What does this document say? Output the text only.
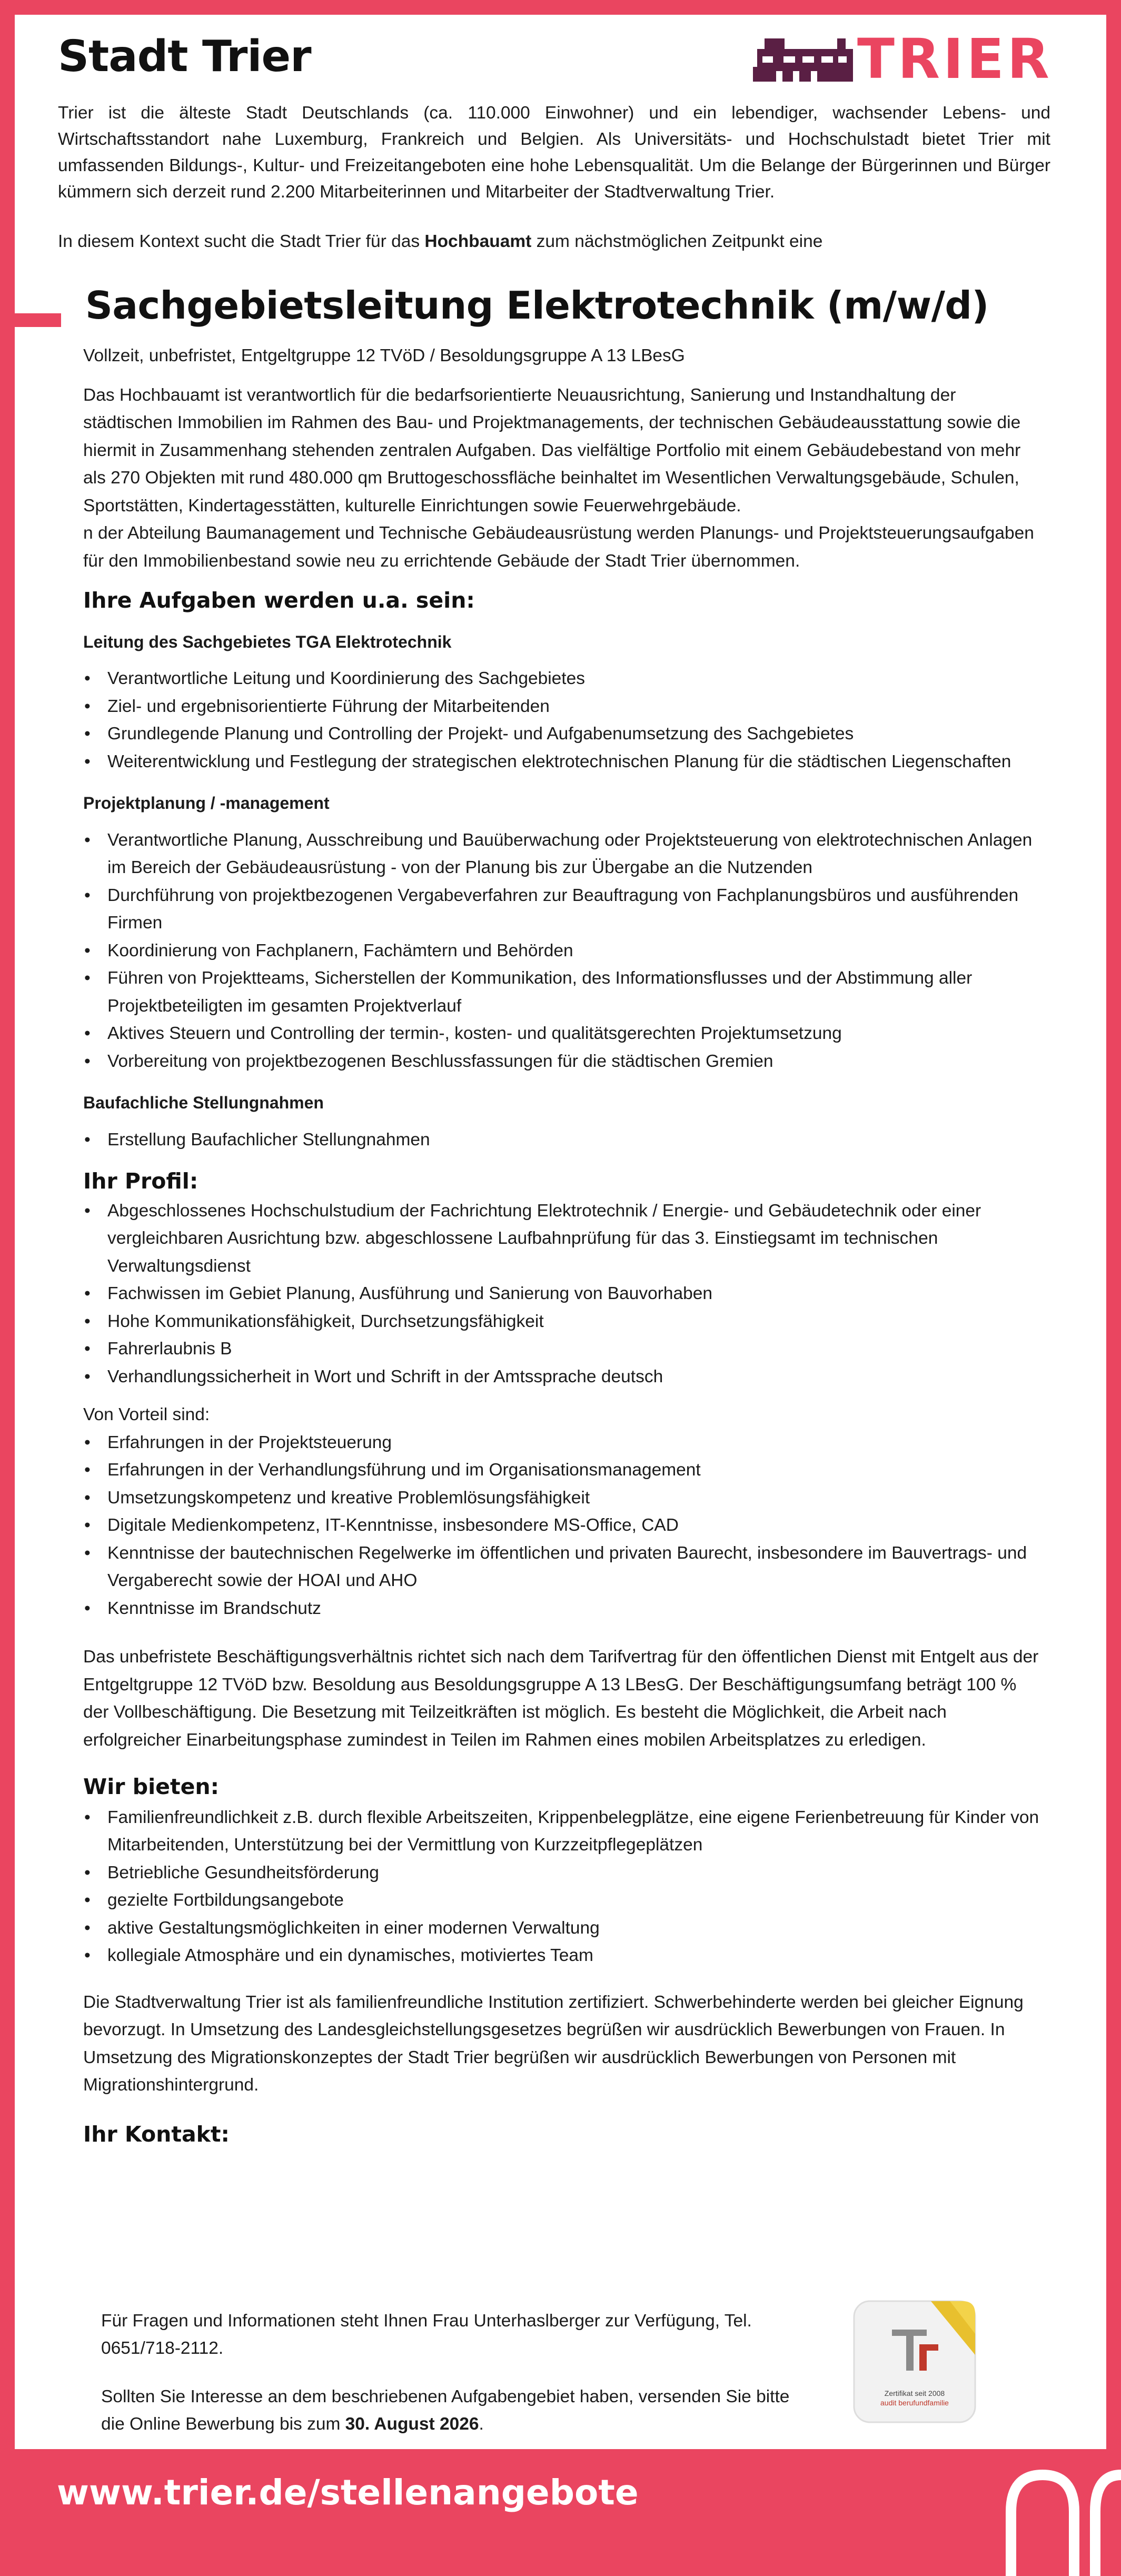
Stadt Trier	TRIER

Trier ist die älteste Stadt Deutschlands (ca. 110.000 Einwohner) und ein lebendiger, wachsender Lebens- und Wirtschaftsstandort nahe Luxemburg, Frankreich und Belgien. Als Universitäts- und Hochschulstadt bietet Trier mit umfassenden Bildungs-, Kultur- und Freizeitangeboten eine hohe Lebensqualität. Um die Belange der Bürgerinnen und Bürger kümmern sich derzeit rund 2.200 Mitarbeiterinnen und Mitarbeiter der Stadtverwaltung Trier.

In diesem Kontext sucht die Stadt Trier für das Hochbauamt zum nächstmöglichen Zeitpunkt eine

Sachgebietsleitung Elektrotechnik (m/w/d)

Vollzeit, unbefristet, Entgeltgruppe 12 TVöD / Besoldungsgruppe A 13 LBesG

Das Hochbauamt ist verantwortlich für die bedarfsorientierte Neuausrichtung, Sanierung und Instandhaltung der städtischen Immobilien im Rahmen des Bau- und Projektmanagements, der technischen Gebäudeausstattung sowie die hiermit in Zusammenhang stehenden zentralen Aufgaben. Das vielfältige Portfolio mit einem Gebäudebestand von mehr als 270 Objekten mit rund 480.000 qm Bruttogeschossfläche beinhaltet im Wesentlichen Verwaltungsgebäude, Schulen, Sportstätten, Kindertagesstätten, kulturelle Einrichtungen sowie Feuerwehrgebäude.

n der Abteilung Baumanagement und Technische Gebäudeausrüstung werden Planungs- und Projektsteuerungsaufgaben für den Immobilienbestand sowie neu zu errichtende Gebäude der Stadt Trier übernommen.

Ihre Aufgaben werden u.a. sein:
Leitung des Sachgebietes TGA Elektrotechnik
• Verantwortliche Leitung und Koordinierung des Sachgebietes
• Ziel- und ergebnisorientierte Führung der Mitarbeitenden
• Grundlegende Planung und Controlling der Projekt- und Aufgabenumsetzung des Sachgebietes
• Weiterentwicklung und Festlegung der strategischen elektrotechnischen Planung für die städtischen Liegenschaften
Projektplanung / -management
• Verantwortliche Planung, Ausschreibung und Bauüberwachung oder Projektsteuerung von elektrotechnischen Anlagen im Bereich der Gebäudeausrüstung - von der Planung bis zur Übergabe an die Nutzenden
• Durchführung von projektbezogenen Vergabeverfahren zur Beauftragung von Fachplanungsbüros und ausführenden Firmen
• Koordinierung von Fachplanern, Fachämtern und Behörden
• Führen von Projektteams, Sicherstellen der Kommunikation, des Informationsflusses und der Abstimmung aller Projektbeteiligten im gesamten Projektverlauf
• Aktives Steuern und Controlling der termin-, kosten- und qualitätsgerechten Projektumsetzung
• Vorbereitung von projektbezogenen Beschlussfassungen für die städtischen Gremien
Baufachliche Stellungnahmen
• Erstellung Baufachlicher Stellungnahmen
Ihr Profil:
• Abgeschlossenes Hochschulstudium der Fachrichtung Elektrotechnik / Energie- und Gebäudetechnik oder einer vergleichbaren Ausrichtung bzw. abgeschlossene Laufbahnprüfung für das 3. Einstiegsamt im technischen Verwaltungsdienst
• Fachwissen im Gebiet Planung, Ausführung und Sanierung von Bauvorhaben
• Hohe Kommunikationsfähigkeit, Durchsetzungsfähigkeit
• Fahrerlaubnis B
• Verhandlungssicherheit in Wort und Schrift in der Amtssprache deutsch

Von Vorteil sind:

• Erfahrungen in der Projektsteuerung
• Erfahrungen in der Verhandlungsführung und im Organisationsmanagement
• Umsetzungskompetenz und kreative Problemlösungsfähigkeit
• Digitale Medienkompetenz, IT-Kenntnisse, insbesondere MS-Office, CAD
• Kenntnisse der bautechnischen Regelwerke im öffentlichen und privaten Baurecht, insbesondere im Bauvertrags- und Vergaberecht sowie der HOAI und AHO
• Kenntnisse im Brandschutz

Das unbefristete Beschäftigungsverhältnis richtet sich nach dem Tarifvertrag für den öffentlichen Dienst mit Entgelt aus der Entgeltgruppe 12 TVöD bzw. Besoldung aus Besoldungsgruppe A 13 LBesG. Der Beschäftigungsumfang beträgt 100 % der Vollbeschäftigung. Die Besetzung mit Teilzeitkräften ist möglich. Es besteht die Möglichkeit, die Arbeit nach erfolgreicher Einarbeitungsphase zumindest in Teilen im Rahmen eines mobilen Arbeitsplatzes zu erledigen.

Wir bieten:
• Familienfreundlichkeit z.B. durch flexible Arbeitszeiten, Krippenbelegplätze, eine eigene Ferienbetreuung für Kinder von Mitarbeitenden, Unterstützung bei der Vermittlung von Kurzzeitpflegeplätzen
• Betriebliche Gesundheitsförderung
• gezielte Fortbildungsangebote
• aktive Gestaltungsmöglichkeiten in einer modernen Verwaltung
• kollegiale Atmosphäre und ein dynamisches, motiviertes Team

Die Stadtverwaltung Trier ist als familienfreundliche Institution zertifiziert. Schwerbehinderte werden bei gleicher Eignung bevorzugt. In Umsetzung des Landesgleichstellungsgesetzes begrüßen wir ausdrücklich Bewerbungen von Frauen. In Umsetzung des Migrationskonzeptes der Stadt Trier begrüßen wir ausdrücklich Bewerbungen von Personen mit Migrationshintergrund.

Ihr Kontakt:

Für Fragen und Informationen steht Ihnen Frau Unterhaslberger zur Verfügung, Tel. 0651/718-2112.

Sollten Sie Interesse an dem beschriebenen Aufgabengebiet haben, versenden Sie bitte die Online Bewerbung bis zum 30. August 2026.

Zertifikat seit 2008
audit berufundfamilie
www.trier.de/stellenangebote
